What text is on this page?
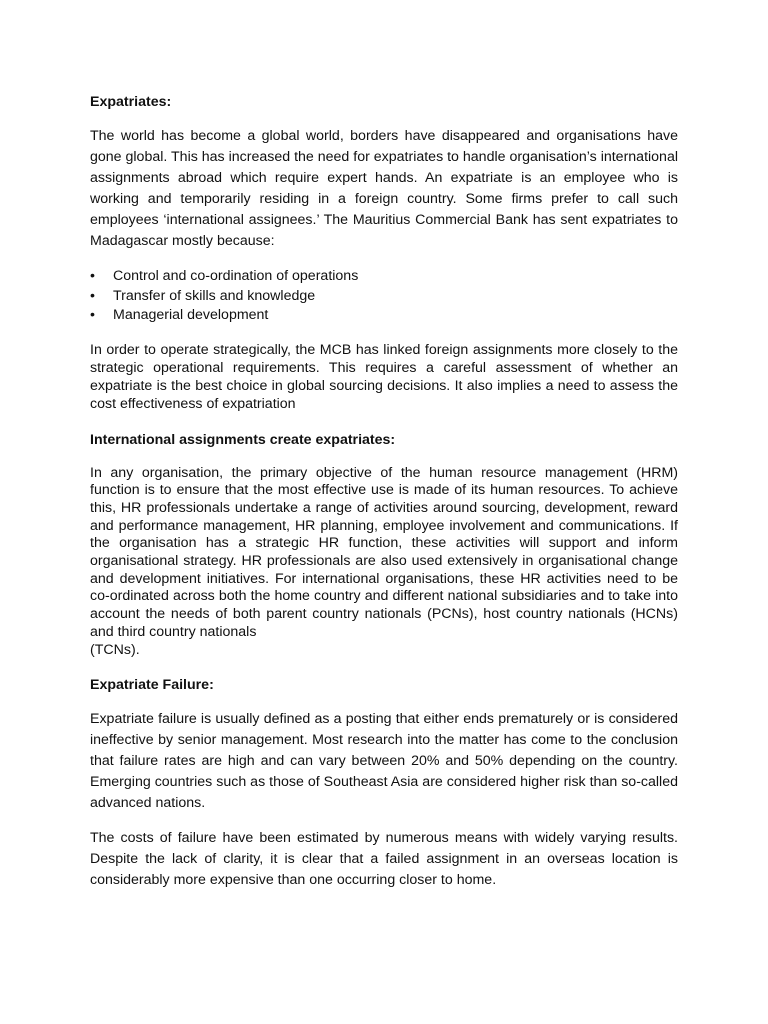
Expatriates:

The world has become a global world, borders have disappeared and organisations have gone global. This has increased the need for expatriates to handle organisation’s international assignments abroad which require expert hands. An expatriate is an employee who is working and temporarily residing in a foreign country. Some firms prefer to call such employees ‘international assignees.’ The Mauritius Commercial Bank has sent expatriates to Madagascar mostly because:

• Control and co-ordination of operations
• Transfer of skills and knowledge
• Managerial development

In order to operate strategically, the MCB has linked foreign assignments more closely to the strategic operational requirements. This requires a careful assessment of whether an expatriate is the best choice in global sourcing decisions. It also implies a need to assess the cost effectiveness of expatriation

International assignments create expatriates:

In any organisation, the primary objective of the human resource management (HRM) function is to ensure that the most effective use is made of its human resources. To achieve this, HR professionals undertake a range of activities around sourcing, development, reward and performance management, HR planning, employee involvement and communications. If the organisation has a strategic HR function, these activities will support and inform organisational strategy. HR professionals are also used extensively in organisational change and development initiatives. For international organisations, these HR activities need to be co-ordinated across both the home country and different national subsidiaries and to take into account the needs of both parent country nationals (PCNs), host country nationals (HCNs) and third country nationals
(TCNs).

Expatriate Failure:

Expatriate failure is usually defined as a posting that either ends prematurely or is considered ineffective by senior management. Most research into the matter has come to the conclusion that failure rates are high and can vary between 20% and 50% depending on the country. Emerging countries such as those of Southeast Asia are considered higher risk than so-called advanced nations.

The costs of failure have been estimated by numerous means with widely varying results. Despite the lack of clarity, it is clear that a failed assignment in an overseas location is considerably more expensive than one occurring closer to home.
